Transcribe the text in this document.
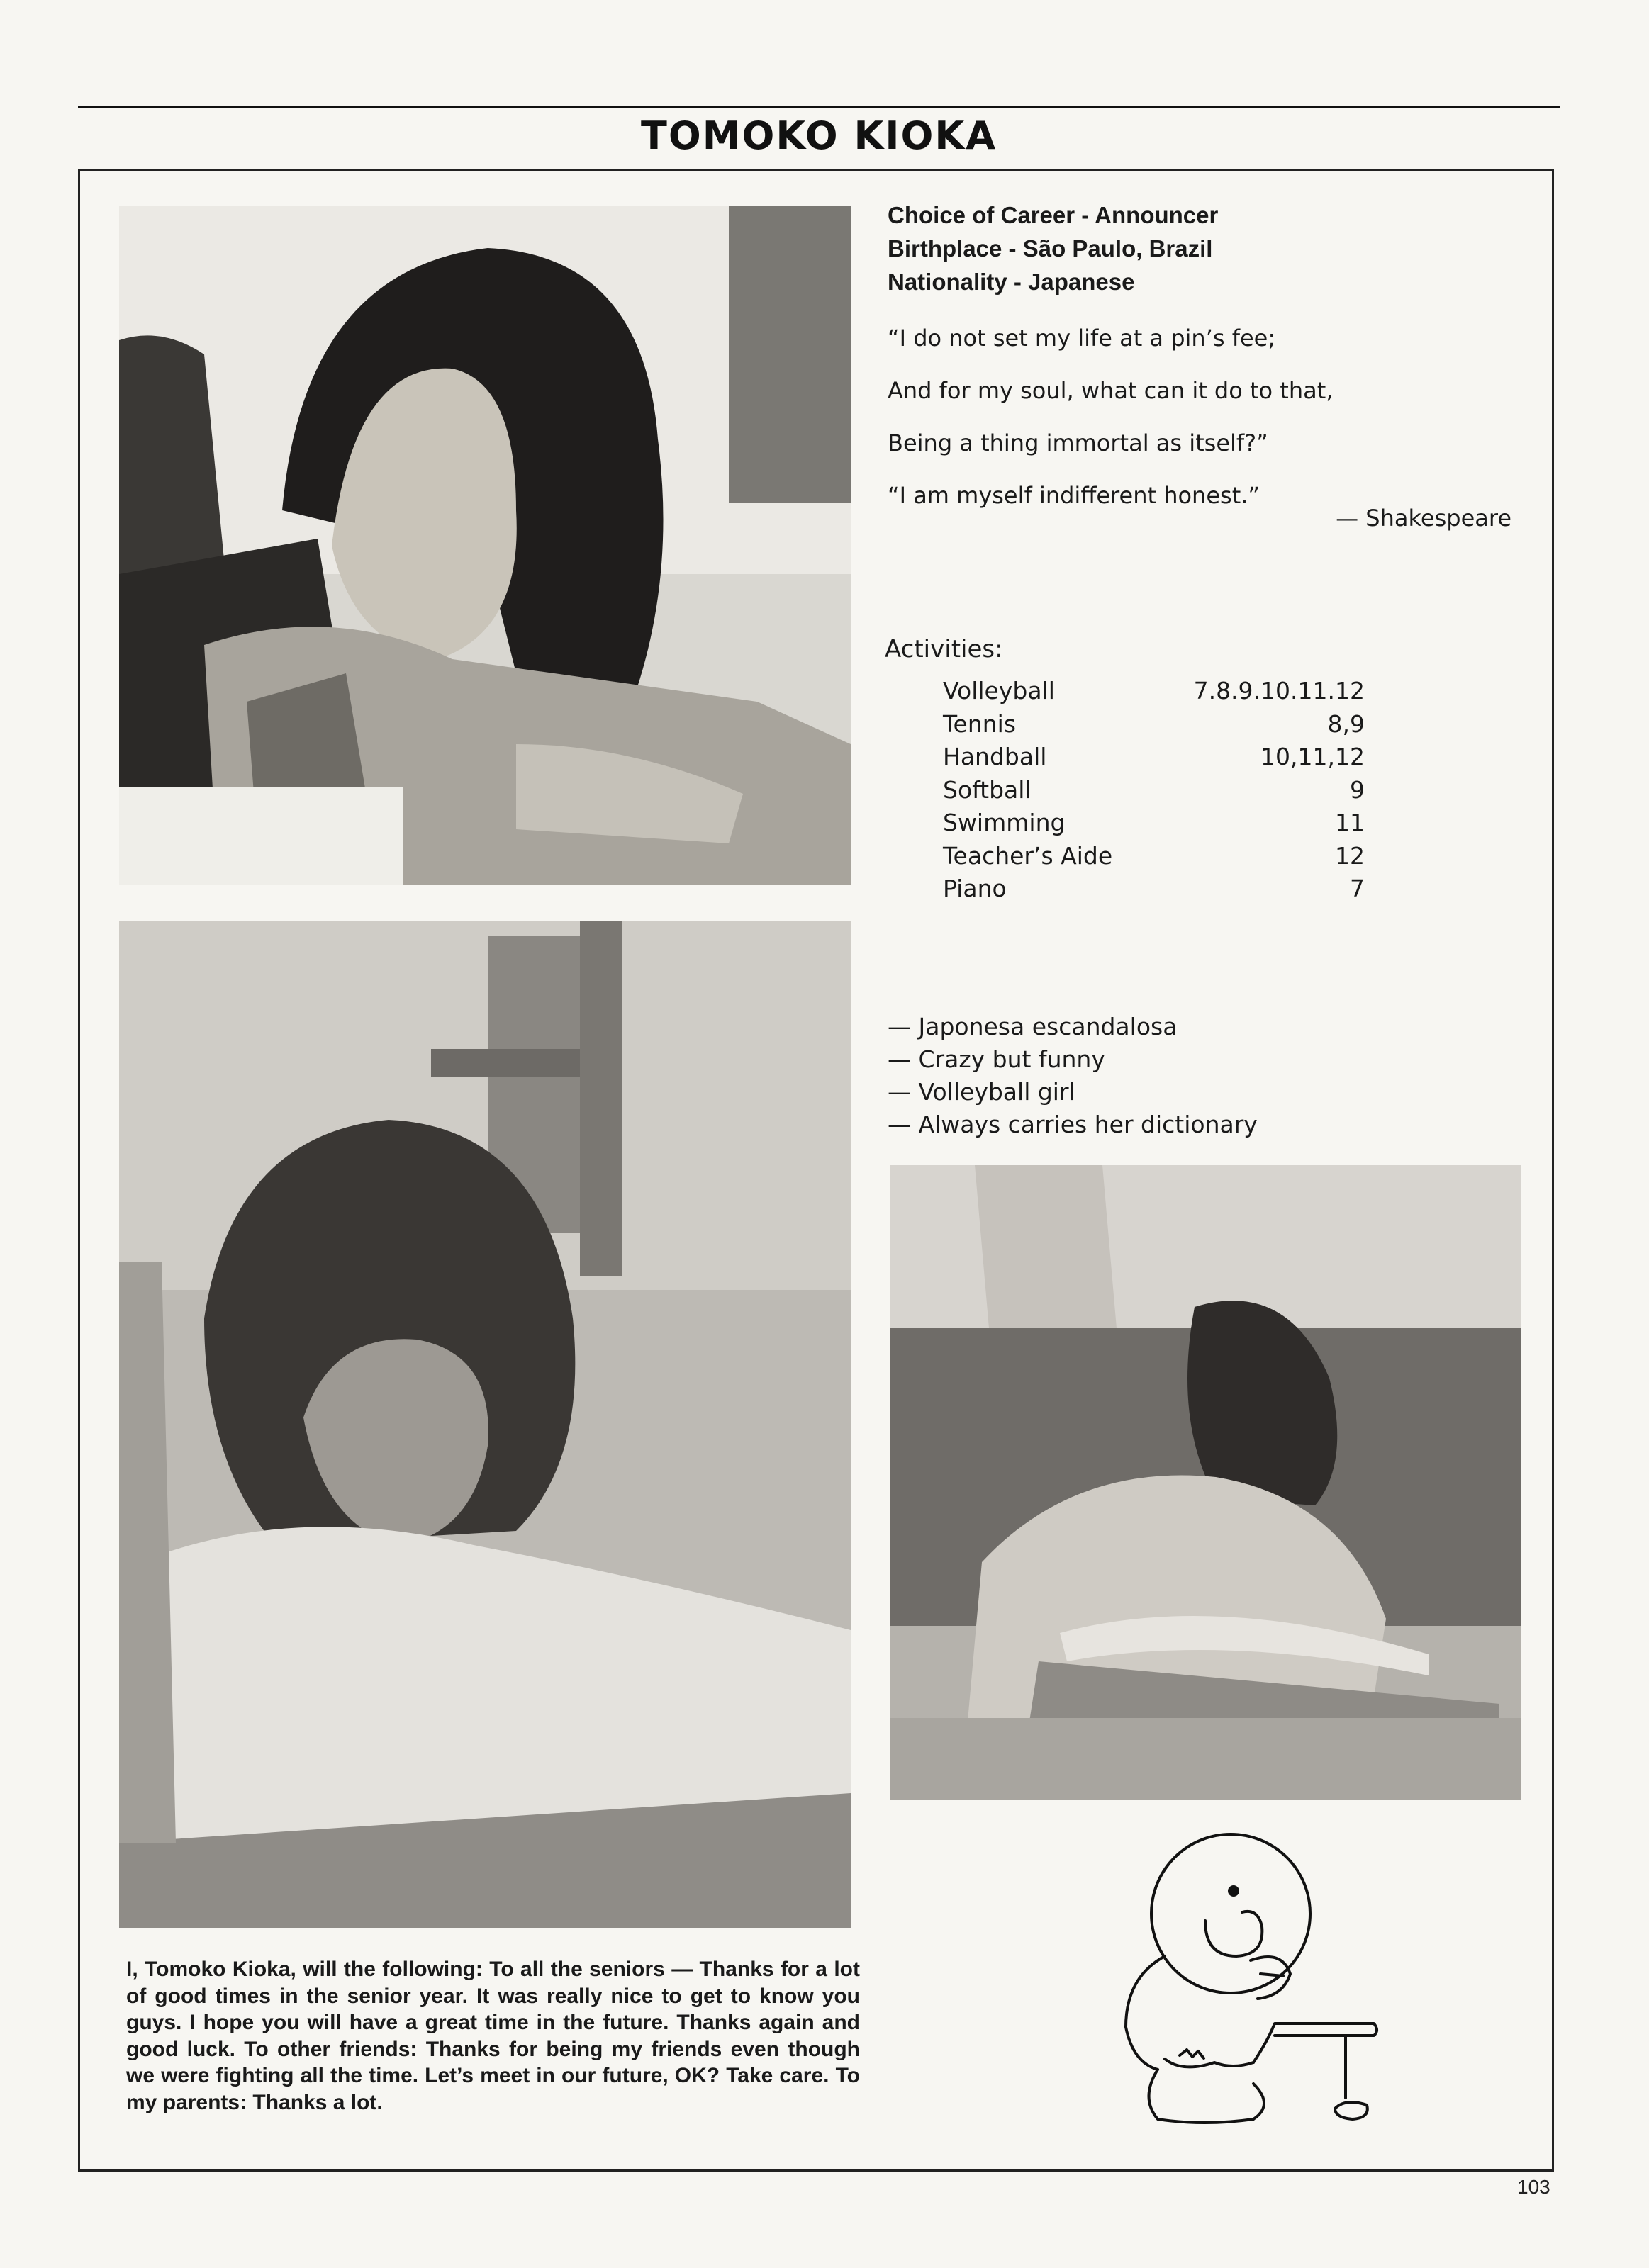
TOMOKO KIOKA
Choice of Career - Announcer
Birthplace - São Paulo, Brazil
Nationality - Japanese
“I do not set my life at a pin’s fee;
And for my soul, what can it do to that,
Being a thing immortal as itself?”
“I am myself indifferent honest.”
— Shakespeare
Activities:
Volleyball	7.8.9.10.11.12
Tennis	8,9
Handball	10,11,12
Softball	9
Swimming	11
Teacher’s Aide	12
Piano	7
— Japonesa escandalosa
— Crazy but funny
— Volleyball girl
— Always carries her dictionary
I, Tomoko Kioka, will the following: To all the seniors — Thanks for a lot of good times in the senior year. It was really nice to get to know you guys. I hope you will have a great time in the future. Thanks again and good luck. To other friends: Thanks for being my friends even though we were fighting all the time. Let’s meet in our future, OK? Take care. To my parents: Thanks a lot.
103
